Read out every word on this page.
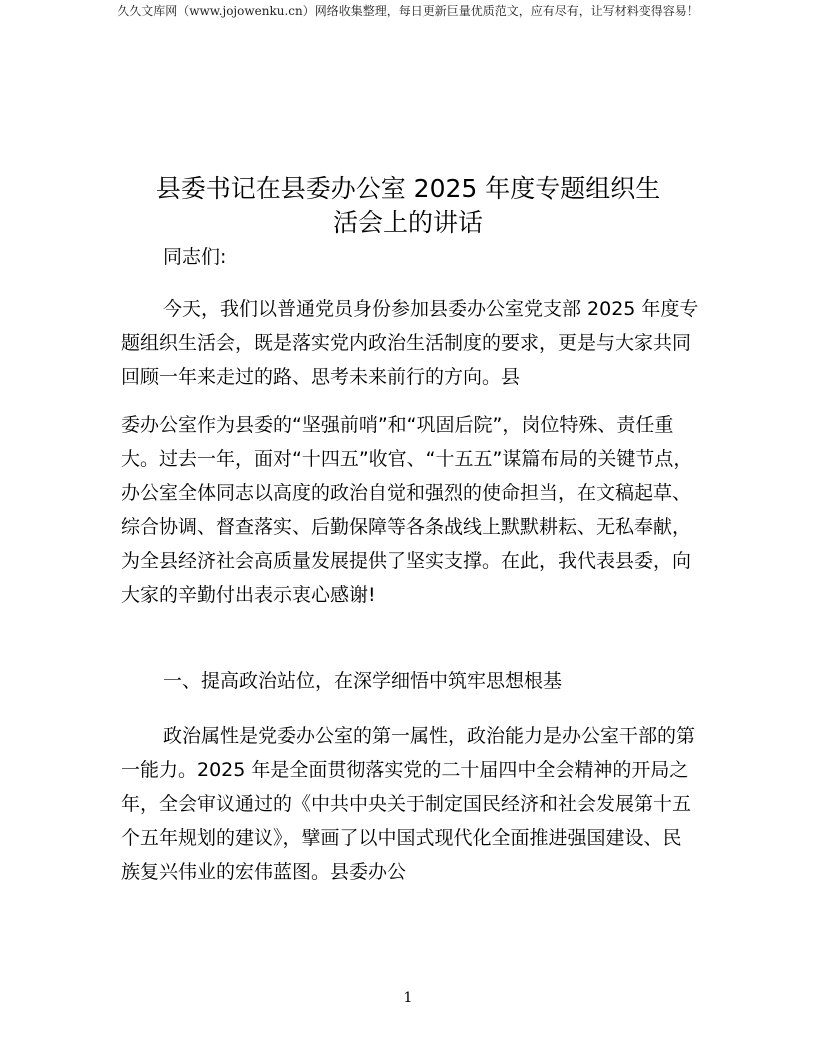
久久文库网（www.jojowenku.cn）网络收集整理，每日更新巨量优质范文，应有尽有，让写材料变得容易！
县委书记在县委办公室 2025 年度专题组织生
活会上的讲话

同志们:

今天，我们以普通党员身份参加县委办公室党支部 2025 年度专题组织生活会，既是落实党内政治生活制度的要求，更是与大家共同回顾一年来走过的路、思考未来前行的方向。县

委办公室作为县委的“坚强前哨”和“巩固后院”，岗位特殊、责任重大。过去一年，面对“十四五”收官、“十五五”谋篇布局的关键节点，办公室全体同志以高度的政治自觉和强烈的使命担当，在文稿起草、综合协调、督查落实、后勤保障等各条战线上默默耕耘、无私奉献，为全县经济社会高质量发展提供了坚实支撑。在此，我代表县委，向大家的辛勤付出表示衷心感谢!

一、提高政治站位，在深学细悟中筑牢思想根基

政治属性是党委办公室的第一属性，政治能力是办公室干部的第一能力。2025 年是全面贯彻落实党的二十届四中全会精神的开局之年，全会审议通过的《中共中央关于制定国民经济和社会发展第十五个五年规划的建议》，擘画了以中国式现代化全面推进强国建设、民族复兴伟业的宏伟蓝图。县委办公

1
